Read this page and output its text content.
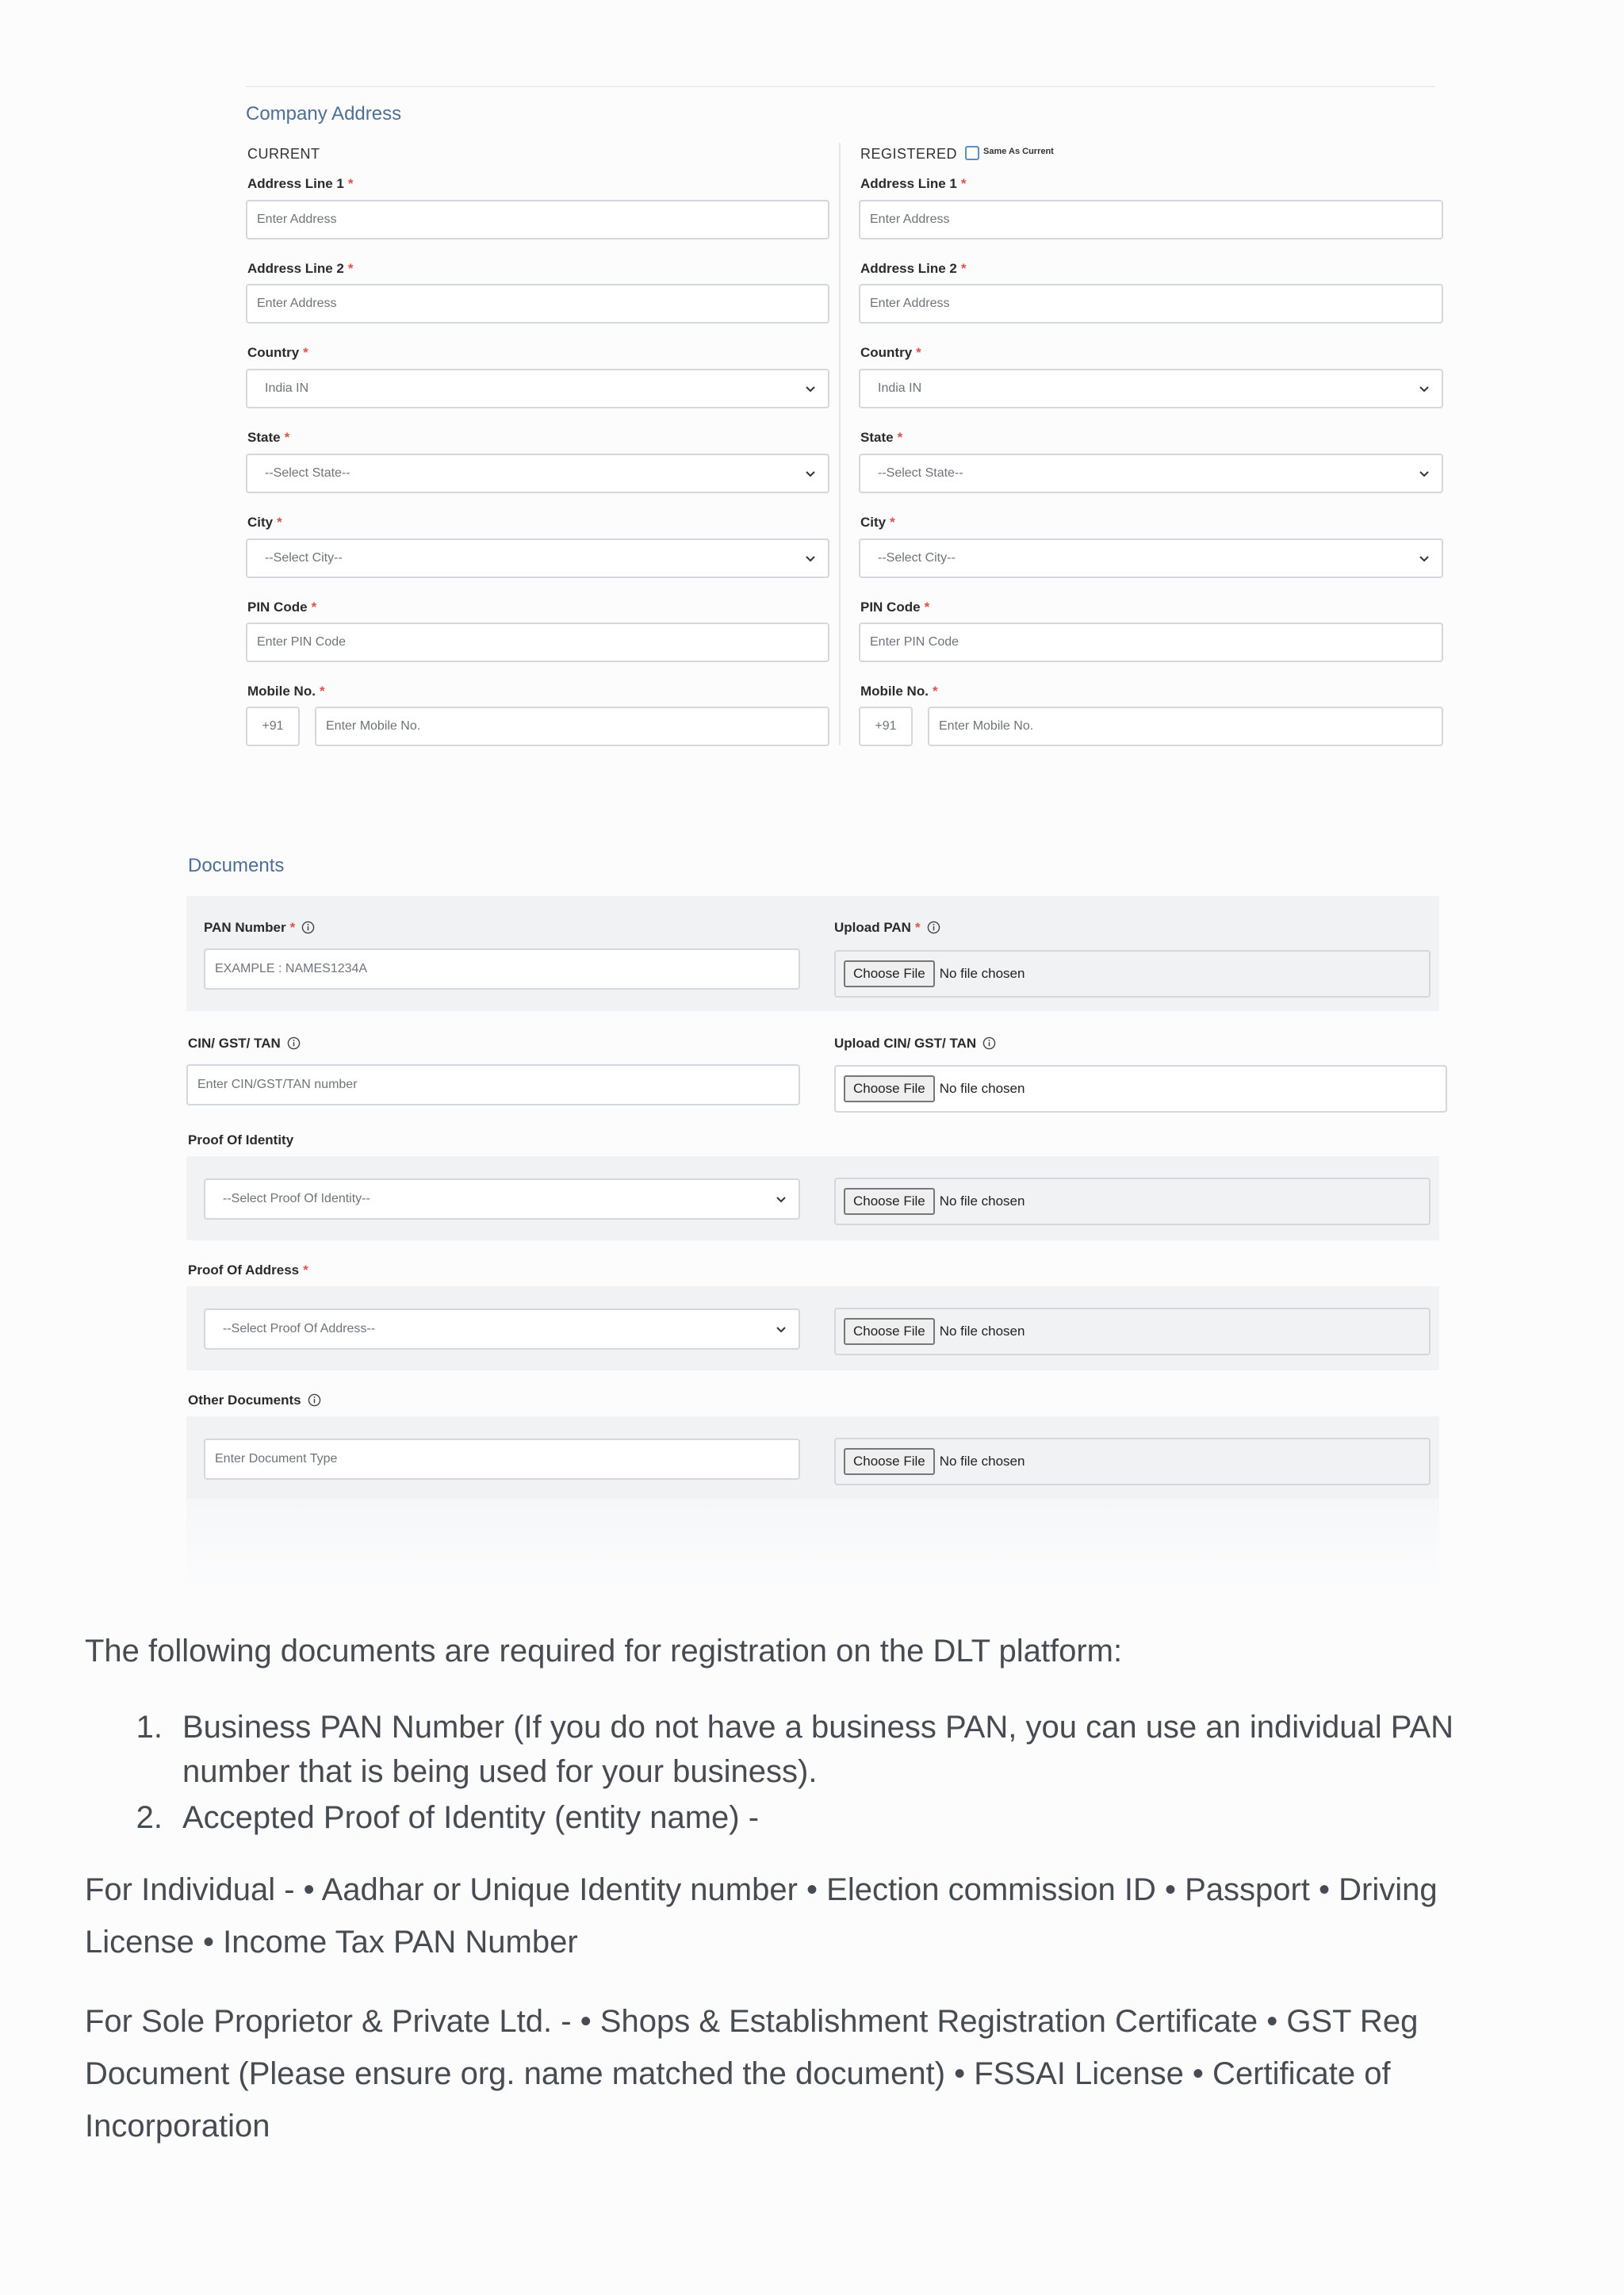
Company Address
CURRENT
Address Line 1 *
Enter Address
Address Line 2 *
Enter Address
Country *
India IN
State *
--Select State--
City *
--Select City--
PIN Code *
Enter PIN Code
Mobile No. *
+91	Enter Mobile No.
REGISTERED	Same As Current
Address Line 1 *
Enter Address
Address Line 2 *
Enter Address
Country *
India IN
State *
--Select State--
City *
--Select City--
PIN Code *
Enter PIN Code
Mobile No. *
+91	Enter Mobile No.
Documents
PAN Number *
EXAMPLE : NAMES1234A
Upload PAN *
Choose File	No file chosen
CIN/ GST/ TAN
Enter CIN/GST/TAN number
Upload CIN/ GST/ TAN
Choose File	No file chosen
Proof Of Identity
--Select Proof Of Identity--	Choose File	No file chosen
Proof Of Address *
--Select Proof Of Address--	Choose File	No file chosen
Other Documents
Enter Document Type	Choose File	No file chosen
The following documents are required for registration on the DLT platform:
1. Business PAN Number (If you do not have a business PAN, you can use an individual PAN number that is being used for your business).
2. Accepted Proof of Identity (entity name) -
For Individual - • Aadhar or Unique Identity number • Election commission ID • Passport • Driving License • Income Tax PAN Number
For Sole Proprietor & Private Ltd. - • Shops & Establishment Registration Certificate • GST Reg Document (Please ensure org. name matched the document) • FSSAI License • Certificate of Incorporation
